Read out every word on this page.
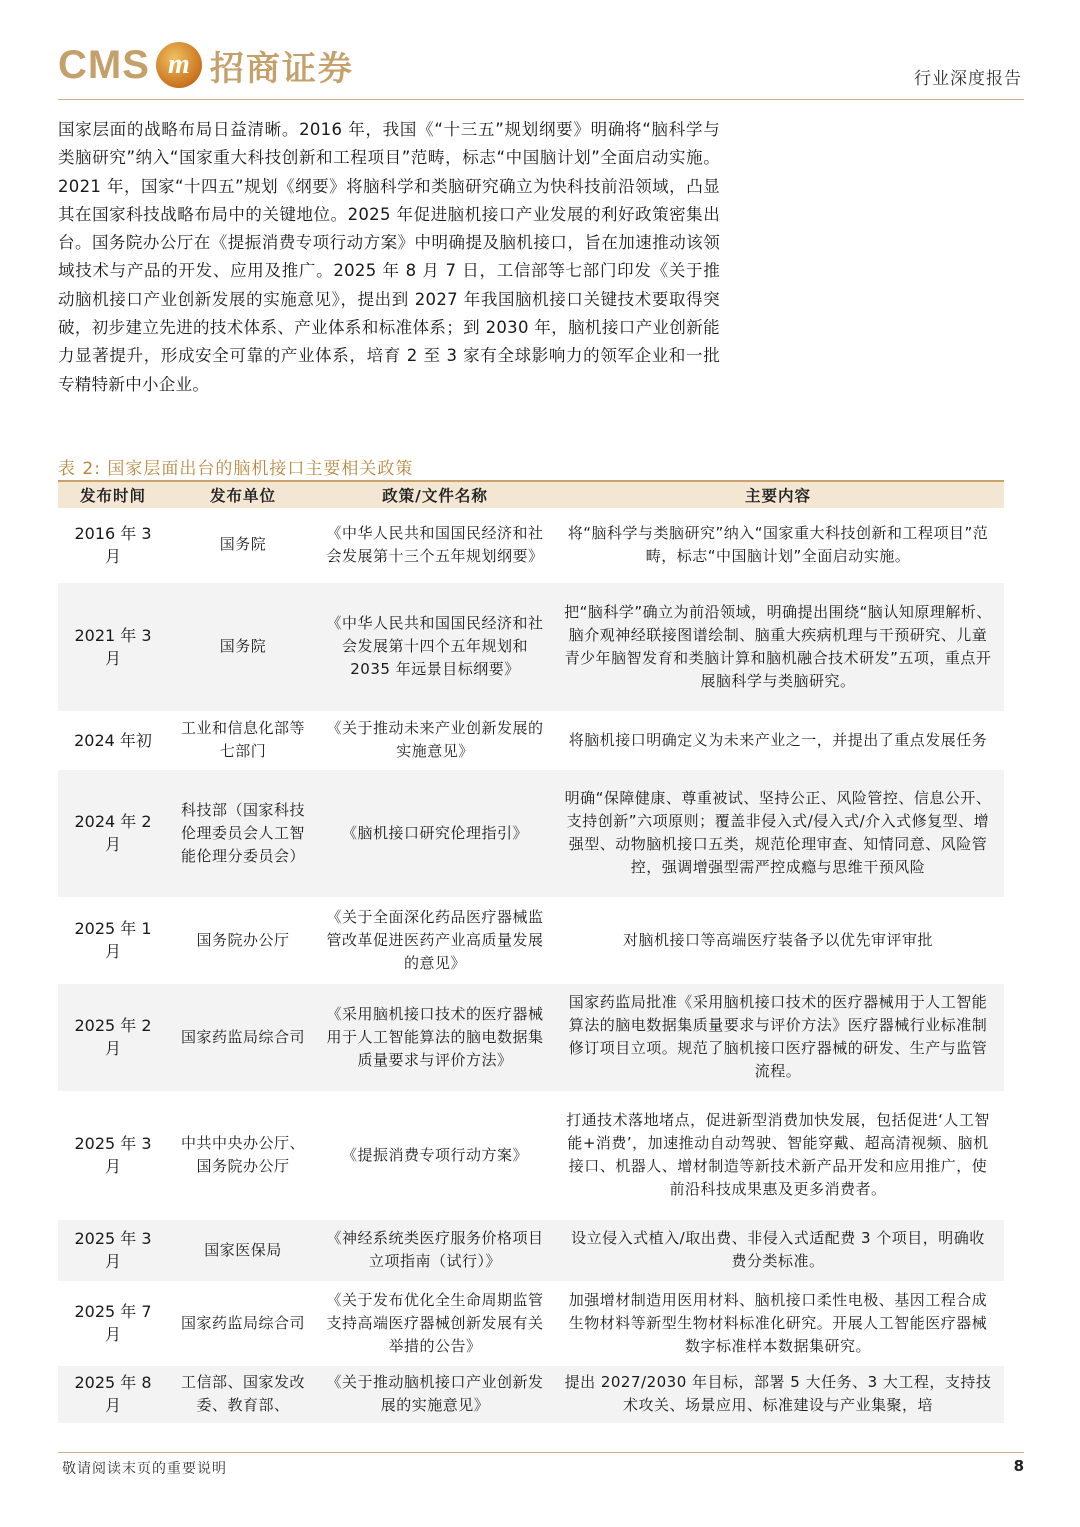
CMS m 招商证券	行业深度报告

国家层面的战略布局日益清晰。2016 年，我国《“十三五”规划纲要》明确将“脑科学与类脑研究”纳入“国家重大科技创新和工程项目”范畴，标志“中国脑计划”全面启动实施。2021 年，国家“十四五”规划《纲要》将脑科学和类脑研究确立为快科技前沿领域，凸显其在国家科技战略布局中的关键地位。2025 年促进脑机接口产业发展的利好政策密集出台。国务院办公厅在《提振消费专项行动方案》中明确提及脑机接口，旨在加速推动该领域技术与产品的开发、应用及推广。2025 年 8 月 7 日，工信部等七部门印发《关于推动脑机接口产业创新发展的实施意见》，提出到 2027 年我国脑机接口关键技术要取得突破，初步建立先进的技术体系、产业体系和标准体系；到 2030 年，脑机接口产业创新能力显著提升，形成安全可靠的产业体系，培育 2 至 3 家有全球影响力的领军企业和一批专精特新中小企业。

表 2: 国家层面出台的脑机接口主要相关政策
发布时间	发布单位	政策/文件名称	主要内容
2016 年 3 月	国务院	《中华人民共和国国民经济和社会发展第十三个五年规划纲要》	将“脑科学与类脑研究”纳入“国家重大科技创新和工程项目”范畴，标志“中国脑计划”全面启动实施。
2021 年 3 月	国务院	《中华人民共和国国民经济和社会发展第十四个五年规划和 2035 年远景目标纲要》	把“脑科学”确立为前沿领域，明确提出围绕“脑认知原理解析、脑介观神经联接图谱绘制、脑重大疾病机理与干预研究、儿童青少年脑智发育和类脑计算和脑机融合技术研发”五项，重点开展脑科学与类脑研究。
2024 年初	工业和信息化部等七部门	《关于推动未来产业创新发展的实施意见》	将脑机接口明确定义为未来产业之一，并提出了重点发展任务
2024 年 2 月	科技部（国家科技伦理委员会人工智能伦理分委员会）	《脑机接口研究伦理指引》	明确“保障健康、尊重被试、坚持公正、风险管控、信息公开、支持创新”六项原则；覆盖非侵入式/侵入式/介入式修复型、增强型、动物脑机接口五类，规范伦理审查、知情同意、风险管控，强调增强型需严控成瘾与思维干预风险
2025 年 1 月	国务院办公厅	《关于全面深化药品医疗器械监管改革促进医药产业高质量发展的意见》	对脑机接口等高端医疗装备予以优先审评审批
2025 年 2 月	国家药监局综合司	《采用脑机接口技术的医疗器械用于人工智能算法的脑电数据集质量要求与评价方法》	国家药监局批准《采用脑机接口技术的医疗器械用于人工智能算法的脑电数据集质量要求与评价方法》医疗器械行业标准制修订项目立项。规范了脑机接口医疗器械的研发、生产与监管流程。
2025 年 3 月	中共中央办公厅、国务院办公厅	《提振消费专项行动方案》	打通技术落地堵点，促进新型消费加快发展，包括促进‘人工智能+消费’，加速推动自动驾驶、智能穿戴、超高清视频、脑机接口、机器人、增材制造等新技术新产品开发和应用推广，使前沿科技成果惠及更多消费者。
2025 年 3 月	国家医保局	《神经系统类医疗服务价格项目立项指南（试行）》	设立侵入式植入/取出费、非侵入式适配费 3 个项目，明确收费分类标准。
2025 年 7 月	国家药监局综合司	《关于发布优化全生命周期监管支持高端医疗器械创新发展有关举措的公告》	加强增材制造用医用材料、脑机接口柔性电极、基因工程合成生物材料等新型生物材料标准化研究。开展人工智能医疗器械数字标准样本数据集研究。
2025 年 8 月	工信部、国家发改委、教育部、	《关于推动脑机接口产业创新发展的实施意见》	提出 2027/2030 年目标，部署 5 大任务、3 大工程，支持技术攻关、场景应用、标准建设与产业集聚，培
敬请阅读末页的重要说明	8
